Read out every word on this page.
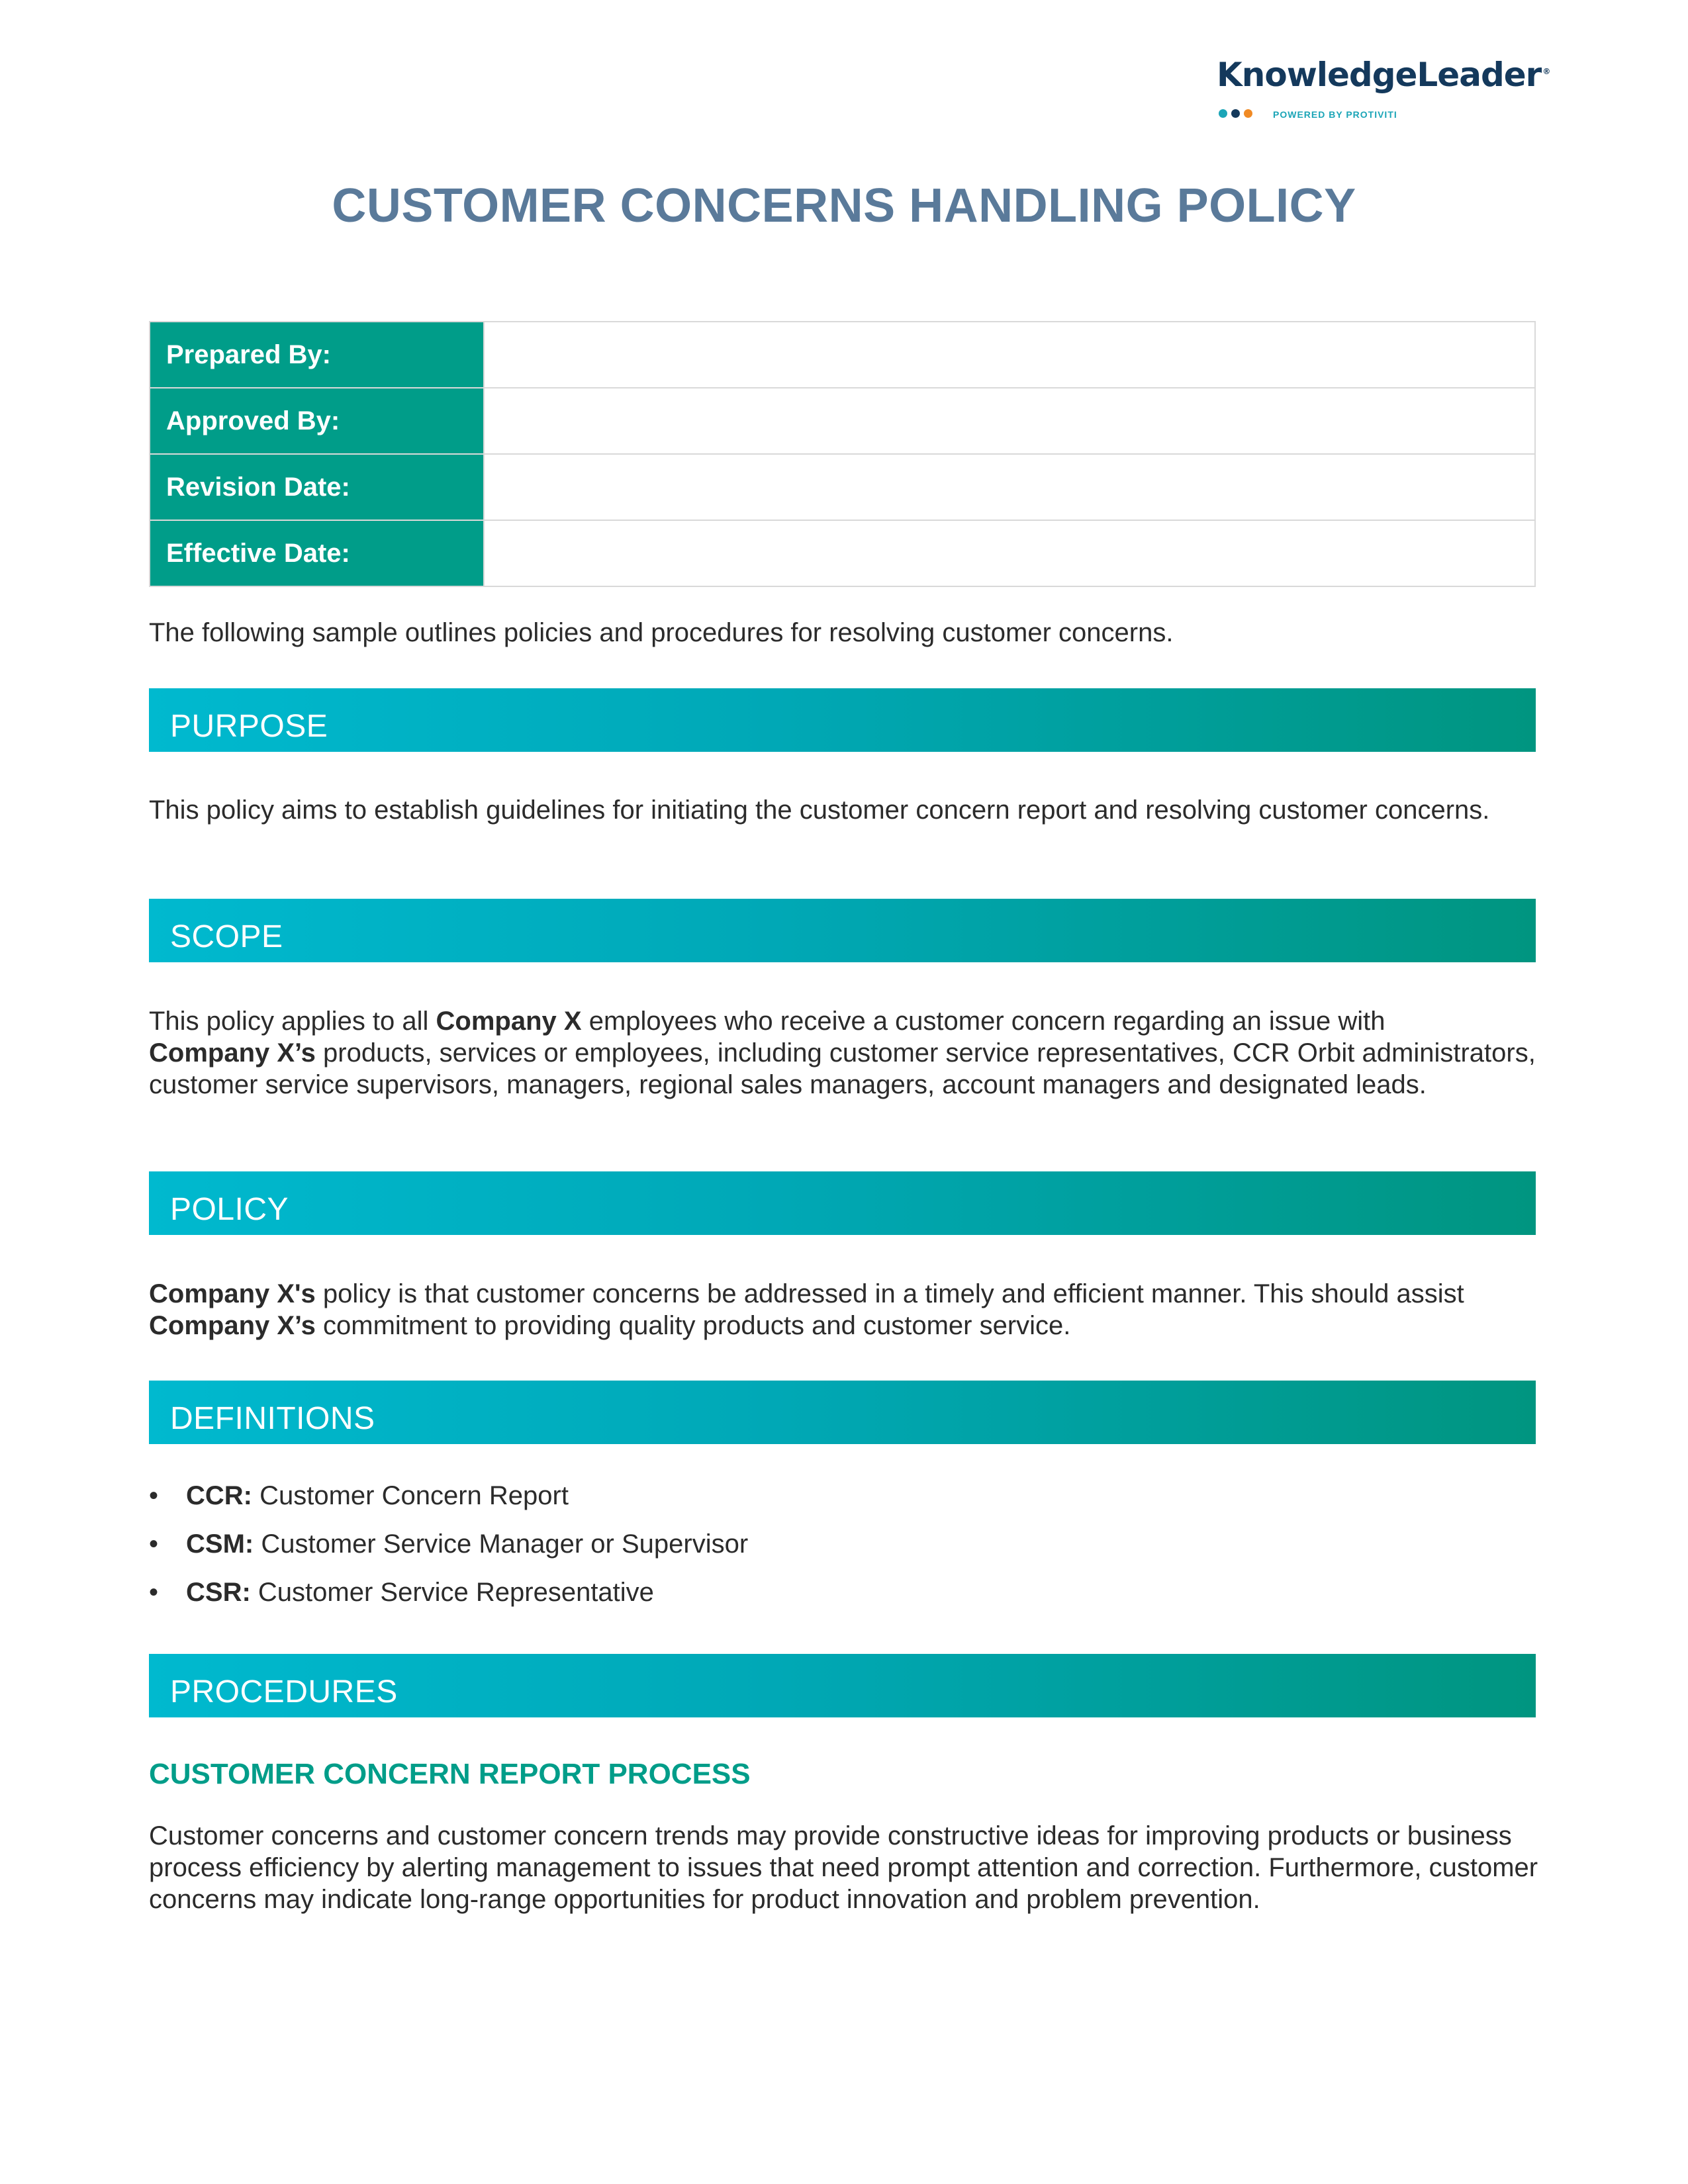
KnowledgeLeader ®
POWERED BY PROTIVITI
CUSTOMER CONCERNS HANDLING POLICY
Prepared By:	
Approved By:	
Revision Date:	
Effective Date:	

The following sample outlines policies and procedures for resolving customer concerns.

PURPOSE

This policy aims to establish guidelines for initiating the customer concern report and resolving customer concerns.

SCOPE

This policy applies to all Company X employees who receive a customer concern regarding an issue with
Company X’s products, services or employees, including customer service representatives, CCR Orbit administrators, customer service supervisors, managers, regional sales managers, account managers and designated leads.

POLICY

Company X's policy is that customer concerns be addressed in a timely and efficient manner. This should assist
Company X’s commitment to providing quality products and customer service.

DEFINITIONS
• CCR: Customer Concern Report
• CSM: Customer Service Manager or Supervisor
• CSR: Customer Service Representative
PROCEDURES
CUSTOMER CONCERN REPORT PROCESS

Customer concerns and customer concern trends may provide constructive ideas for improving products or business process efficiency by alerting management to issues that need prompt attention and correction. Furthermore, customer concerns may indicate long-range opportunities for product innovation and problem prevention.
